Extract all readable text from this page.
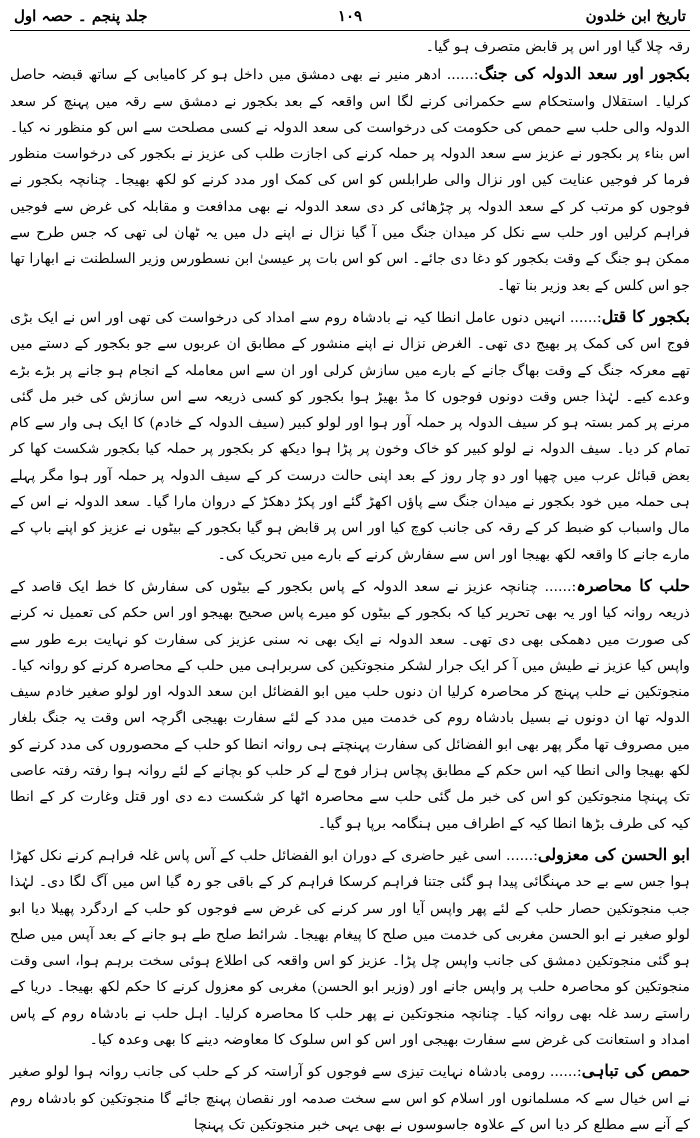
تاریخ ابن خلدون
۱۰۹
جلد پنجم ۔ حصہ اول

رقہ چلا گیا اور اس پر قابض متصرف ہو گیا۔

بکجور اور سعد الدولہ کی جنگ:...... ادھر منیر نے بھی دمشق میں داخل ہو کر کامیابی کے ساتھ قبضہ حاصل کرلیا۔ استقلال واستحکام سے حکمرانی کرنے لگا اس واقعہ کے بعد بکجور نے دمشق سے رقہ میں پہنچ کر سعد الدولہ والی حلب سے حمص کی حکومت کی درخواست کی سعد الدولہ نے کسی مصلحت سے اس کو منظور نہ کیا۔ اس بناء پر بکجور نے عزیز سے سعد الدولہ پر حملہ کرنے کی اجازت طلب کی عزیز نے بکجور کی درخواست منظور فرما کر فوجیں عنایت کیں اور نزال والی طرابلس کو اس کی کمک اور مدد کرنے کو لکھ بھیجا۔ چنانچہ بکجور نے فوجوں کو مرتب کر کے سعد الدولہ پر چڑھائی کر دی سعد الدولہ نے بھی مدافعت و مقابلہ کی غرض سے فوجیں فراہم کرلیں اور حلب سے نکل کر میدان جنگ میں آ گیا نزال نے اپنے دل میں یہ ٹھان لی تھی کہ جس طرح سے ممکن ہو جنگ کے وقت بکجور کو دغا دی جائے۔ اس کو اس بات پر عیسیٰ ابن نسطورس وزیر السلطنت نے ابھارا تھا جو اس کلس کے بعد وزیر بنا تھا۔

بکجور کا قتل:...... انہیں دنوں عامل انطا کیہ نے بادشاہ روم سے امداد کی درخواست کی تھی اور اس نے ایک بڑی فوج اس کی کمک پر بھیج دی تھی۔ الغرض نزال نے اپنے منشور کے مطابق ان عربوں سے جو بکجور کے دستے میں تھے معرکہ جنگ کے وقت بھاگ جانے کے بارے میں سازش کرلی اور ان سے اس معاملہ کے انجام ہو جانے پر بڑے بڑے وعدے کیے۔ لہٰذا جس وقت دونوں فوجوں کا مڈ بھیڑ ہوا بکجور کو کسی ذریعہ سے اس سازش کی خبر مل گئی مرنے پر کمر بستہ ہو کر سیف الدولہ پر حملہ آور ہوا اور لولو کبیر (سیف الدولہ کے خادم) کا ایک ہی وار سے کام تمام کر دیا۔ سیف الدولہ نے لولو کبیر کو خاک وخون پر پڑا ہوا دیکھ کر بکجور پر حملہ کیا بکجور شکست کھا کر بعض قبائل عرب میں چھپا اور دو چار روز کے بعد اپنی حالت درست کر کے سیف الدولہ پر حملہ آور ہوا مگر پہلے ہی حملہ میں خود بکجور نے میدان جنگ سے پاؤں اکھڑ گئے اور پکڑ دھکڑ کے دروان مارا گیا۔ سعد الدولہ نے اس کے مال واسباب کو ضبط کر کے رقہ کی جانب کوچ کیا اور اس پر قابض ہو گیا بکجور کے بیٹوں نے عزیز کو اپنے باپ کے مارے جانے کا واقعہ لکھ بھیجا اور اس سے سفارش کرنے کے بارے میں تحریک کی۔

حلب کا محاصرہ:...... چنانچہ عزیز نے سعد الدولہ کے پاس بکجور کے بیٹوں کی سفارش کا خط ایک قاصد کے ذریعہ روانہ کیا اور یہ بھی تحریر کیا کہ بکجور کے بیٹوں کو میرے پاس صحیح بھیجو اور اس حکم کی تعمیل نہ کرنے کی صورت میں دھمکی بھی دی تھی۔ سعد الدولہ نے ایک بھی نہ سنی عزیز کی سفارت کو نہایت برے طور سے واپس کیا عزیز نے طیش میں آ کر ایک جرار لشکر منجوتکین کی سربراہی میں حلب کے محاصرہ کرنے کو روانہ کیا۔ منجوتکین نے حلب پہنچ کر محاصرہ کرلیا ان دنوں حلب میں ابو الفضائل ابن سعد الدولہ اور لولو صغیر خادم سیف الدولہ تھا ان دونوں نے بسیل بادشاہ روم کی خدمت میں مدد کے لئے سفارت بھیجی اگرچہ اس وقت یہ جنگ بلغار میں مصروف تھا مگر پھر بھی ابو الفضائل کی سفارت پہنچتے ہی روانہ انطا کو حلب کے محصوروں کی مدد کرنے کو لکھ بھیجا والی انطا کیہ اس حکم کے مطابق پچاس ہزار فوج لے کر حلب کو بچانے کے لئے روانہ ہوا رفتہ رفتہ عاصی تک پہنچا منجوتکین کو اس کی خبر مل گئی حلب سے محاصرہ اٹھا کر شکست دے دی اور قتل وغارت کر کے انطا کیہ کی طرف بڑھا انطا کیہ کے اطراف میں ہنگامہ برپا ہو گیا۔

ابو الحسن کی معزولی:...... اسی غیر حاضری کے دوران ابو الفضائل حلب کے آس پاس غلہ فراہم کرنے نکل کھڑا ہوا جس سے بے حد مہنگائی پیدا ہو گئی جتنا فراہم کرسکا فراہم کر کے باقی جو رہ گیا اس میں آگ لگا دی۔ لہٰذا جب منجوتکین حصار حلب کے لئے پھر واپس آیا اور سر کرنے کی غرض سے فوجوں کو حلب کے اردگرد پھیلا دیا ابو لولو صغیر نے ابو الحسن مغربی کی خدمت میں صلح کا پیغام بھیجا۔ شرائط صلح طے ہو جانے کے بعد آپس میں صلح ہو گئی منجوتکین دمشق کی جانب واپس چل پڑا۔ عزیز کو اس واقعہ کی اطلاع ہوئی سخت برہم ہوا، اسی وقت منجوتکین کو محاصرہ حلب پر واپس جانے اور (وزیر ابو الحسن) مغربی کو معزول کرنے کا حکم لکھ بھیجا۔ دریا کے راستے رسد غلہ بھی روانہ کیا۔ چنانچہ منجوتکین نے پھر حلب کا محاصرہ کرلیا۔ اہل حلب نے بادشاہ روم کے پاس امداد و استعانت کی غرض سے سفارت بھیجی اور اس کو اس سلوک کا معاوضہ دینے کا بھی وعدہ کیا۔

حمص کی تباہی:...... رومی بادشاہ نہایت تیزی سے فوجوں کو آراستہ کر کے حلب کی جانب روانہ ہوا لولو صغیر نے اس خیال سے کہ مسلمانوں اور اسلام کو اس سے سخت صدمہ اور نقصان پہنچ جائے گا منجوتکین کو بادشاہ روم کے آنے سے مطلع کر دیا اس کے علاوہ جاسوسوں نے بھی یہی خبر منجوتکین تک پہنچا
